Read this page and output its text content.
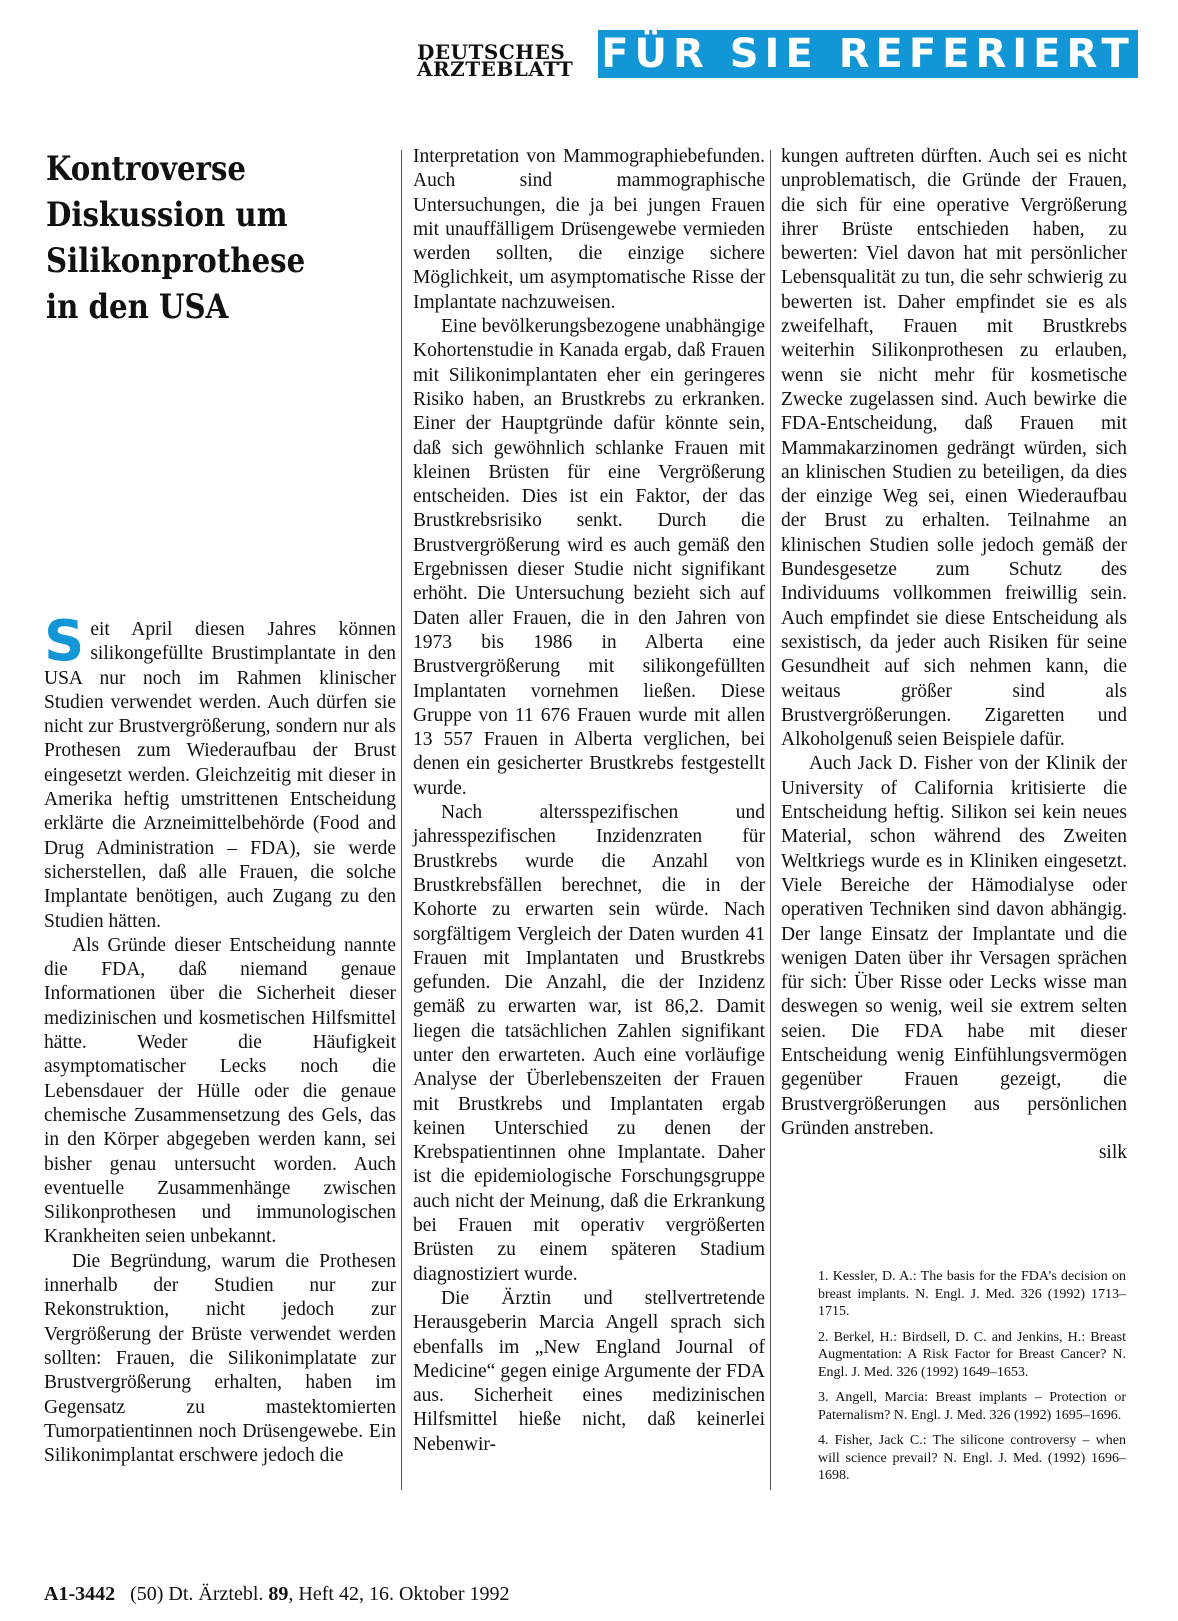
DEUTSCHES
ÄRZTEBLATT FÜR SIE REFERIERT
Kontroverse Diskussion um Silikonprothese in den USA

Seit April diesen Jahres können silikongefüllte Brustimplantate in den USA nur noch im Rahmen klinischer Studien verwendet werden. Auch dürfen sie nicht zur Brustvergrößerung, sondern nur als Prothesen zum Wiederaufbau der Brust eingesetzt werden. Gleichzeitig mit dieser in Amerika heftig umstrittenen Entscheidung erklärte die Arzneimittelbehörde (Food and Drug Administration – FDA), sie werde sicherstellen, daß alle Frauen, die solche Implantate benötigen, auch Zugang zu den Studien hätten.

Als Gründe dieser Entscheidung nannte die FDA, daß niemand genaue Informationen über die Sicherheit dieser medizinischen und kosmetischen Hilfsmittel hätte. Weder die Häufigkeit asymptomatischer Lecks noch die Lebensdauer der Hülle oder die genaue chemische Zusammensetzung des Gels, das in den Körper abgegeben werden kann, sei bisher genau untersucht worden. Auch eventuelle Zusammenhänge zwischen Silikonprothesen und immunologischen Krankheiten seien unbekannt.

Die Begründung, warum die Prothesen innerhalb der Studien nur zur Rekonstruktion, nicht jedoch zur Vergrößerung der Brüste verwendet werden sollten: Frauen, die Silikonimplatate zur Brustvergrößerung erhalten, haben im Gegensatz zu mastektomierten Tumorpatientinnen noch Drüsengewebe. Ein Silikonimplantat erschwere jedoch die

Interpretation von Mammographiebefunden. Auch sind mammographische Untersuchungen, die ja bei jungen Frauen mit unauffälligem Drüsengewebe vermieden werden sollten, die einzige sichere Möglichkeit, um asymptomatische Risse der Implantate nachzuweisen.

Eine bevölkerungsbezogene unabhängige Kohortenstudie in Kanada ergab, daß Frauen mit Silikonimplantaten eher ein geringeres Risiko haben, an Brustkrebs zu erkranken. Einer der Hauptgründe dafür könnte sein, daß sich gewöhnlich schlanke Frauen mit kleinen Brüsten für eine Vergrößerung entscheiden. Dies ist ein Faktor, der das Brustkrebsrisiko senkt. Durch die Brustvergrößerung wird es auch gemäß den Ergebnissen dieser Studie nicht signifikant erhöht. Die Untersuchung bezieht sich auf Daten aller Frauen, die in den Jahren von 1973 bis 1986 in Alberta eine Brustvergrößerung mit silikongefüllten Implantaten vornehmen ließen. Diese Gruppe von 11 676 Frauen wurde mit allen 13 557 Frauen in Alberta verglichen, bei denen ein gesicherter Brustkrebs festgestellt wurde.

Nach altersspezifischen und jahresspezifischen Inzidenzraten für Brustkrebs wurde die Anzahl von Brustkrebsfällen berechnet, die in der Kohorte zu erwarten sein würde. Nach sorgfältigem Vergleich der Daten wurden 41 Frauen mit Implantaten und Brustkrebs gefunden. Die Anzahl, die der Inzidenz gemäß zu erwarten war, ist 86,2. Damit liegen die tatsächlichen Zahlen signifikant unter den erwarteten. Auch eine vorläufige Analyse der Überlebenszeiten der Frauen mit Brustkrebs und Implantaten ergab keinen Unterschied zu denen der Krebspatientinnen ohne Implantate. Daher ist die epidemiologische Forschungsgruppe auch nicht der Meinung, daß die Erkrankung bei Frauen mit operativ vergrößerten Brüsten zu einem späteren Stadium diagnostiziert wurde.

Die Ärztin und stellvertretende Herausgeberin Marcia Angell sprach sich ebenfalls im „New England Journal of Medicine“ gegen einige Argumente der FDA aus. Sicherheit eines medizinischen Hilfsmittel hieße nicht, daß keinerlei Nebenwir-

kungen auftreten dürften. Auch sei es nicht unproblematisch, die Gründe der Frauen, die sich für eine operative Vergrößerung ihrer Brüste entschieden haben, zu bewerten: Viel davon hat mit persönlicher Lebensqualität zu tun, die sehr schwierig zu bewerten ist. Daher empfindet sie es als zweifelhaft, Frauen mit Brustkrebs weiterhin Silikonprothesen zu erlauben, wenn sie nicht mehr für kosmetische Zwecke zugelassen sind. Auch bewirke die FDA-Entscheidung, daß Frauen mit Mammakarzinomen gedrängt würden, sich an klinischen Studien zu beteiligen, da dies der einzige Weg sei, einen Wiederaufbau der Brust zu erhalten. Teilnahme an klinischen Studien solle jedoch gemäß der Bundesgesetze zum Schutz des Individuums vollkommen freiwillig sein. Auch empfindet sie diese Entscheidung als sexistisch, da jeder auch Risiken für seine Gesundheit auf sich nehmen kann, die weitaus größer sind als Brustvergrößerungen. Zigaretten und Alkoholgenuß seien Beispiele dafür.

Auch Jack D. Fisher von der Klinik der University of California kritisierte die Entscheidung heftig. Silikon sei kein neues Material, schon während des Zweiten Weltkriegs wurde es in Kliniken eingesetzt. Viele Bereiche der Hämodialyse oder operativen Techniken sind davon abhängig. Der lange Einsatz der Implantate und die wenigen Daten über ihr Versagen sprächen für sich: Über Risse oder Lecks wisse man deswegen so wenig, weil sie extrem selten seien. Die FDA habe mit dieser Entscheidung wenig Einfühlungsvermögen gegenüber Frauen gezeigt, die Brustvergrößerungen aus persönlichen Gründen anstreben.

silk

1. Kessler, D. A.: The basis for the FDA’s decision on breast implants. N. Engl. J. Med. 326 (1992) 1713–1715.

2. Berkel, H.: Birdsell, D. C. and Jenkins, H.: Breast Augmentation: A Risk Factor for Breast Cancer? N. Engl. J. Med. 326 (1992) 1649–1653.

3. Angell, Marcia: Breast implants – Protection or Paternalism? N. Engl. J. Med. 326 (1992) 1695–1696.

4. Fisher, Jack C.: The silicone controversy – when will science prevail? N. Engl. J. Med. (1992) 1696–1698.

A1-3442 (50) Dt. Ärztebl. 89, Heft 42, 16. Oktober 1992
